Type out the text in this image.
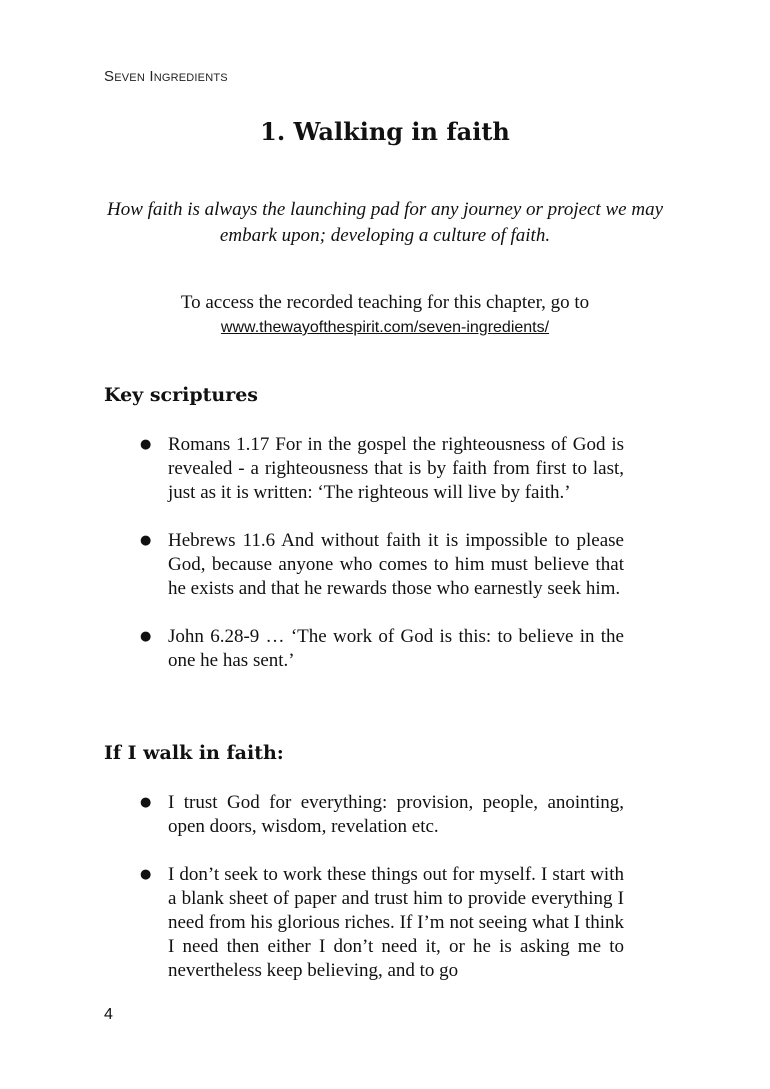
Seven Ingredients
1. Walking in faith

How faith is always the launching pad for any journey or project we may embark upon; developing a culture of faith.

To access the recorded teaching for this chapter, go to

www.thewayofthespirit.com/seven-ingredients/

Key scriptures
● Romans 1.17 For in the gospel the righteousness of God is revealed - a righteousness that is by faith from first to last, just as it is written: ‘The righteous will live by faith.’
● Hebrews 11.6 And without faith it is impossible to please God, because anyone who comes to him must believe that he exists and that he rewards those who earnestly seek him.
● John 6.28-9 … ‘The work of God is this: to believe in the one he has sent.’
If I walk in faith:
● I trust God for everything: provision, people, anointing, open doors, wisdom, revelation etc.
● I don’t seek to work these things out for myself. I start with a blank sheet of paper and trust him to provide everything I need from his glorious riches. If I’m not seeing what I think I need then either I don’t need it, or he is asking me to nevertheless keep believing, and to go
4
